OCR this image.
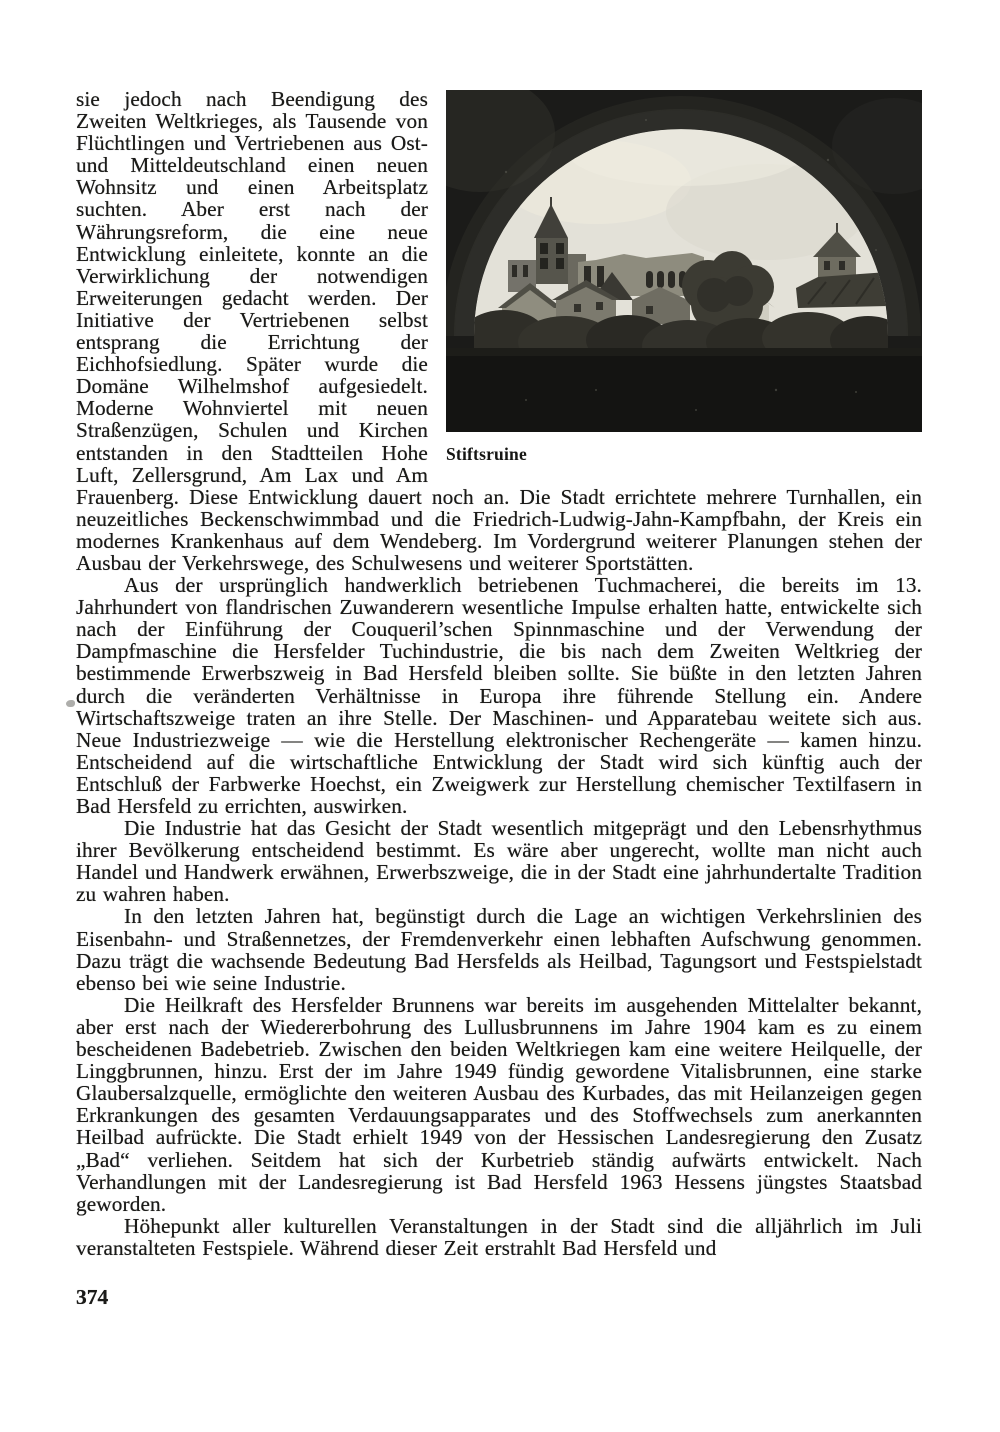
Stiftsruine

sie jedoch nach Beendigung des Zweiten Weltkrieges, als Tausende von Flüchtlingen und Vertriebenen aus Ost- und Mitteldeutschland einen neuen Wohnsitz und einen Arbeitsplatz suchten. Aber erst nach der Währungsreform, die eine neue Entwicklung einleitete, konnte an die Verwirklichung der notwendigen Erweiterungen gedacht werden. Der Initiative der Vertriebenen selbst entsprang die Errichtung der Eichhofsiedlung. Später wurde die Domäne Wilhelmshof aufgesiedelt. Moderne Wohnviertel mit neuen Straßenzügen, Schulen und Kirchen entstanden in den Stadtteilen Hohe Luft, Zellersgrund, Am Lax und Am Frauenberg. Diese Entwicklung dauert noch an. Die Stadt errichtete mehrere Turnhallen, ein neuzeitliches Beckenschwimmbad und die Friedrich-Ludwig-Jahn-Kampfbahn, der Kreis ein modernes Krankenhaus auf dem Wendeberg. Im Vordergrund weiterer Planungen stehen der Ausbau der Verkehrswege, des Schulwesens und weiterer Sportstätten.

Aus der ursprünglich handwerklich betriebenen Tuchmacherei, die bereits im 13. Jahrhundert von flandrischen Zuwanderern wesentliche Impulse erhalten hatte, entwickelte sich nach der Einführung der Couqueril’schen Spinnmaschine und der Verwendung der Dampfmaschine die Hersfelder Tuchindustrie, die bis nach dem Zweiten Weltkrieg der bestimmende Erwerbszweig in Bad Hersfeld bleiben sollte. Sie büßte in den letzten Jahren durch die veränderten Verhältnisse in Europa ihre führende Stellung ein. Andere Wirtschaftszweige traten an ihre Stelle. Der Maschinen- und Apparatebau weitete sich aus. Neue Industriezweige — wie die Herstellung elektronischer Rechengeräte — kamen hinzu. Entscheidend auf die wirtschaftliche Entwicklung der Stadt wird sich künftig auch der Entschluß der Farbwerke Hoechst, ein Zweigwerk zur Herstellung chemischer Textilfasern in Bad Hersfeld zu errichten, auswirken.

Die Industrie hat das Gesicht der Stadt wesentlich mitgeprägt und den Lebensrhythmus ihrer Bevölkerung entscheidend bestimmt. Es wäre aber ungerecht, wollte man nicht auch Handel und Handwerk erwähnen, Erwerbszweige, die in der Stadt eine jahrhundertalte Tradition zu wahren haben.

In den letzten Jahren hat, begünstigt durch die Lage an wichtigen Verkehrslinien des Eisenbahn- und Straßennetzes, der Fremdenverkehr einen lebhaften Aufschwung genommen. Dazu trägt die wachsende Bedeutung Bad Hersfelds als Heilbad, Tagungsort und Festspielstadt ebenso bei wie seine Industrie.

Die Heilkraft des Hersfelder Brunnens war bereits im ausgehenden Mittelalter bekannt, aber erst nach der Wiedererbohrung des Lullusbrunnens im Jahre 1904 kam es zu einem bescheidenen Badebetrieb. Zwischen den beiden Weltkriegen kam eine weitere Heilquelle, der Linggbrunnen, hinzu. Erst der im Jahre 1949 fündig gewordene Vitalisbrunnen, eine starke Glaubersalzquelle, ermöglichte den weiteren Ausbau des Kurbades, das mit Heilanzeigen gegen Erkrankungen des gesamten Verdauungsapparates und des Stoffwechsels zum anerkannten Heilbad aufrückte. Die Stadt erhielt 1949 von der Hessischen Landesregierung den Zusatz „Bad“ verliehen. Seitdem hat sich der Kurbetrieb ständig aufwärts entwickelt. Nach Verhandlungen mit der Landesregierung ist Bad Hersfeld 1963 Hessens jüngstes Staatsbad geworden.

Höhepunkt aller kulturellen Veranstaltungen in der Stadt sind die alljährlich im Juli veranstalteten Festspiele. Während dieser Zeit erstrahlt Bad Hersfeld und

374
